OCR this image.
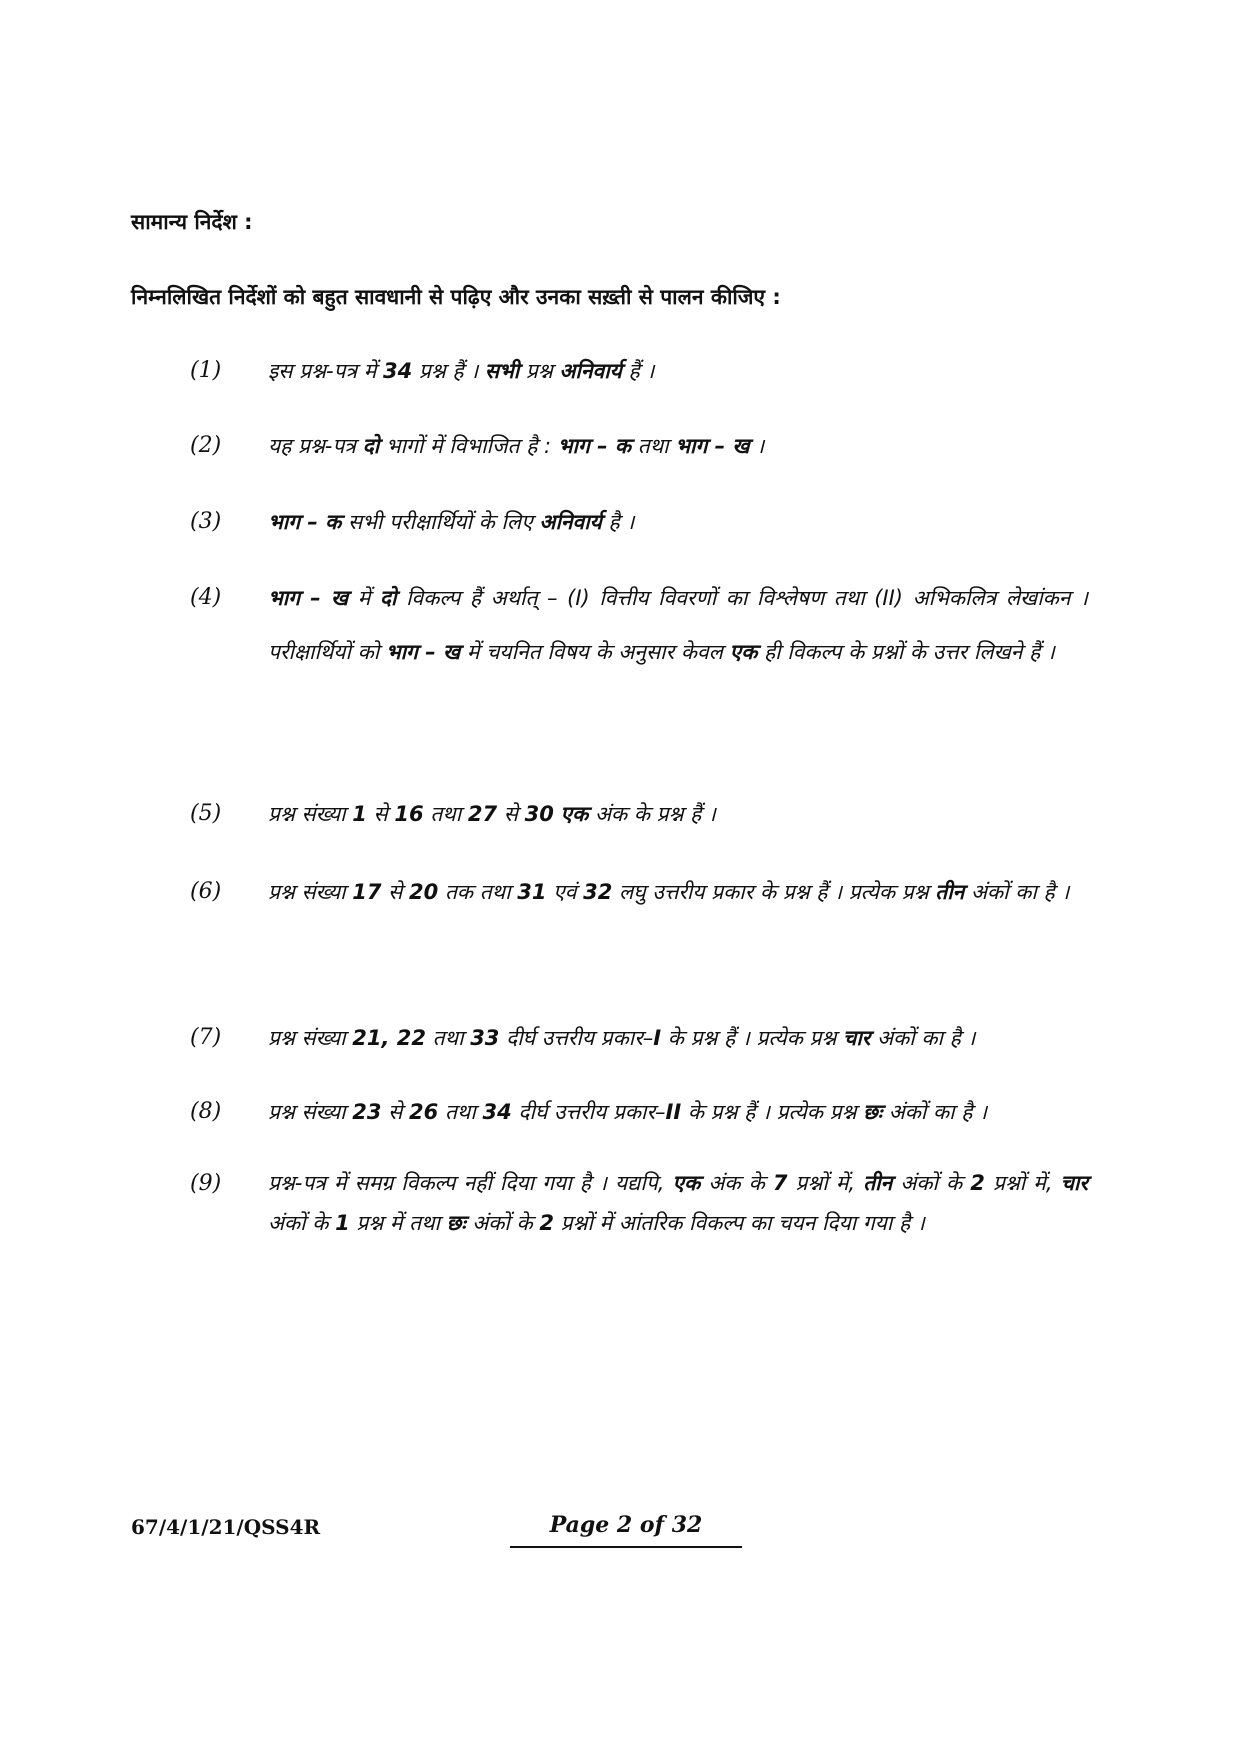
सामान्य निर्देश :
निम्नलिखित निर्देशों को बहुत सावधानी से पढ़िए और उनका सख़्ती से पालन कीजिए :
(1) इस प्रश्न-पत्र में 34 प्रश्न हैं । सभी प्रश्न अनिवार्य हैं ।
(2) यह प्रश्न-पत्र दो भागों में विभाजित है : भाग – क तथा भाग – ख ।
(3) भाग – क सभी परीक्षार्थियों के लिए अनिवार्य है ।
(4) भाग – ख में दो विकल्प हैं अर्थात् – (I) वित्तीय विवरणों का विश्लेषण तथा (II) अभिकलित्र लेखांकन । परीक्षार्थियों को भाग – ख में चयनित विषय के अनुसार केवल एक ही विकल्प के प्रश्नों के उत्तर लिखने हैं ।
(5) प्रश्न संख्या 1 से 16 तथा 27 से 30 एक अंक के प्रश्न हैं ।
(6) प्रश्न संख्या 17 से 20 तक तथा 31 एवं 32 लघु उत्तरीय प्रकार के प्रश्न हैं । प्रत्येक प्रश्न तीन अंकों का है ।
(7) प्रश्न संख्या 21, 22 तथा 33 दीर्घ उत्तरीय प्रकार–I के प्रश्न हैं । प्रत्येक प्रश्न चार अंकों का है ।
(8) प्रश्न संख्या 23 से 26 तथा 34 दीर्घ उत्तरीय प्रकार–II के प्रश्न हैं । प्रत्येक प्रश्न छः अंकों का है ।
(9) प्रश्न-पत्र में समग्र विकल्प नहीं दिया गया है । यद्यपि, एक अंक के 7 प्रश्नों में, तीन अंकों के 2 प्रश्नों में, चार अंकों के 1 प्रश्न में तथा छः अंकों के 2 प्रश्नों में आंतरिक विकल्प का चयन दिया गया है ।
67/4/1/21/QSS4R	Page 2 of 32
